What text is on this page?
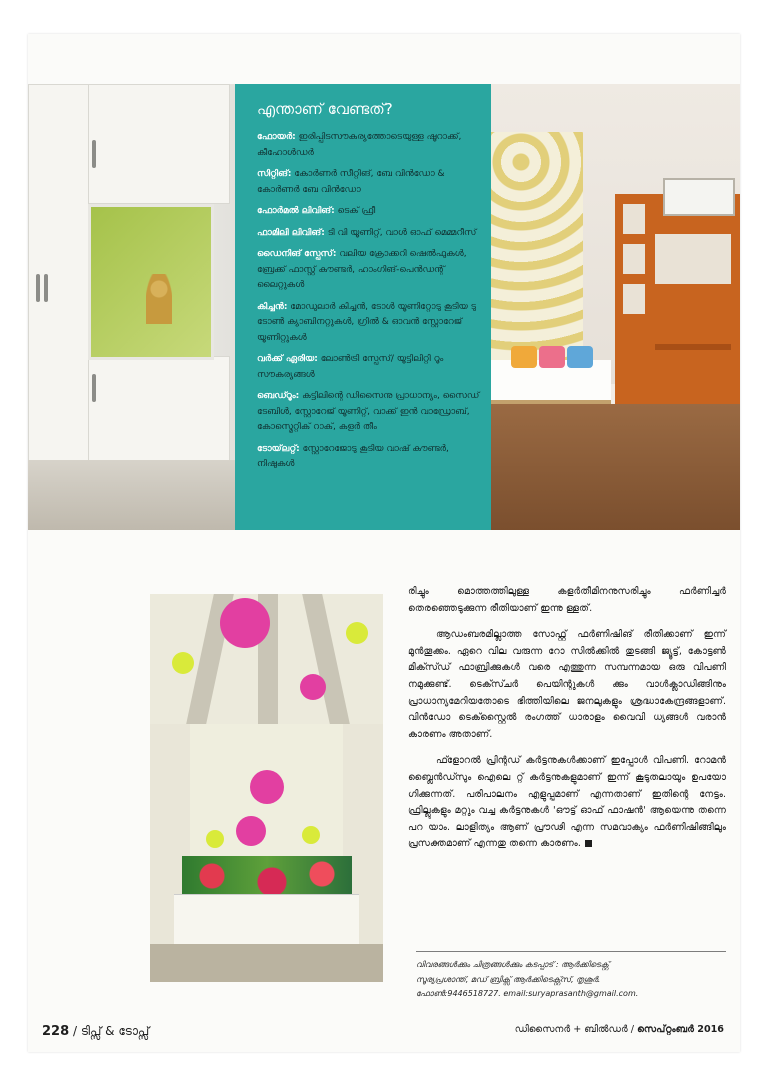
എന്താണ് വേണ്ടത്?
ഫോയർ: ഇരിപ്പിടസൗകര്യത്തോടെയുള്ള ഷൂറാക്ക്, കീഹോൾഡർ
സിറ്റിങ്: കോർണർ സീറ്റിങ്, ബേ വിൻഡോ & കോർണർ ബേ വിൻഡോ
ഫോർമൽ ലിവിങ്: ടെക് ഫ്രീ
ഫാമിലി ലിവിങ്: ടി വി യൂണിറ്റ്, വാൾ ഓഫ് മെമ്മറീസ്
ഡൈനിങ് സ്പേസ്: വലിയ ക്രോക്കറി ഷെൽഫുകൾ, ബ്രേക്ക് ഫാസ്റ്റ് കൗണ്ടർ, ഹാംഗിങ്-പെൻഡന്റ് ലൈറ്റുകൾ
കിച്ചൻ: മോഡുലാർ കിച്ചൻ, ടോൾ യൂണിറ്റോടു കൂടിയ ടു ടോൺ ക്യാബിനറ്റുകൾ, ഗ്രിൽ & ഓവൻ സ്റ്റോറേജ് യൂണിറ്റുകൾ
വർക്ക് ഏരിയ: ലോൺട്രി സ്പേസ്/ യൂട്ടിലിറ്റി റൂം സൗകര്യങ്ങൾ
ബെഡ്റൂം: കട്ടിലിന്റെ ഡിസൈനു പ്രാധാന്യം, സൈഡ് ടേബിൾ, സ്റ്റോറേജ് യൂണിറ്റ്, വാക്ക് ഇൻ വാഡ്രോബ്, കോസ്മെറ്റിക് റാക്, കളർ തീം
ടോയ്‌ലറ്റ്: സ്റ്റോറേജോടു കൂടിയ വാഷ് കൗണ്ടർ, നിഷുകൾ

രിച്ചും മൊത്തത്തിലുള്ള കളർതീമിനനുസരിച്ചും ഫർണിച്ചർ തെരഞ്ഞെടുക്കുന്ന രീതിയാണ് ഇന്നു ള്ളത്.

ആഡംബരമില്ലാത്ത സോഫ്റ്റ് ഫർണിഷിങ് രീതിക്കാണ് ഇന്ന് മുൻതൂക്കം. ഏറെ വില വരുന്ന റോ സിൽക്കിൽ തുടങ്ങി ജ്യൂട്ട്, കോട്ടൺ മിക്സ്ഡ് ഫാബ്രിക്കുകൾ വരെ എത്തുന്ന സമ്പന്നമായ ഒരു വിപണി നമുക്കുണ്ട്. ടെക്സ്ചർ പെയിന്റുകൾ ക്കും വാൾക്ലാഡിങ്ങിനും പ്രാധാന്യമേറിയതോടെ ഭിത്തിയിലെ ജനലുകളും ശ്രദ്ധാകേന്ദ്രങ്ങളാണ്. വിൻഡോ ടെക്സ്റ്റൈൽ രംഗത്ത് ധാരാളം വൈവി ധ്യങ്ങൾ വരാൻ കാരണം അതാണ്.

ഫ്ളോറൽ പ്രിന്റഡ് കർട്ടനുകൾക്കാണ് ഇപ്പോൾ വിപണി. റോമൻ ബ്ലൈൻഡ്സും ഐലെ റ്റ് കർട്ടനുകളുമാണ് ഇന്ന് കൂടുതലായും ഉപയോ ഗിക്കുന്നത്. പരിപാലനം എളുപ്പമാണ് എന്നതാണ് ഇതിന്റെ നേട്ടം. ഫ്രില്ലുകളും മറ്റും വച്ച കർട്ടനുകൾ 'ഔട്ട് ഓഫ് ഫാഷൻ' ആയെന്നു തന്നെ പറ യാം. ലാളിത്യം ആണ് പ്രൗഢി എന്ന സമവാക്യം ഫർണിഷിങ്ങിലും പ്രസക്തമാണ് എന്നതു തന്നെ കാരണം.

വിവരങ്ങൾക്കും ചിത്രങ്ങൾക്കും കടപ്പാട് : ആർക്കിടെക്റ്റ്
സൂര്യപ്രശാന്ത്, മഡ് ബ്രിക്സ് ആർക്കിടെക്റ്റ്സ്, തൃശൂർ.
ഫോൺ:9446518727. email:suryaprasanth@gmail.com.
228 / ടിപ്സ് & ടോപ്സ്	ഡിസൈനർ + ബിൽഡർ / സെപ്റ്റംബർ 2016
